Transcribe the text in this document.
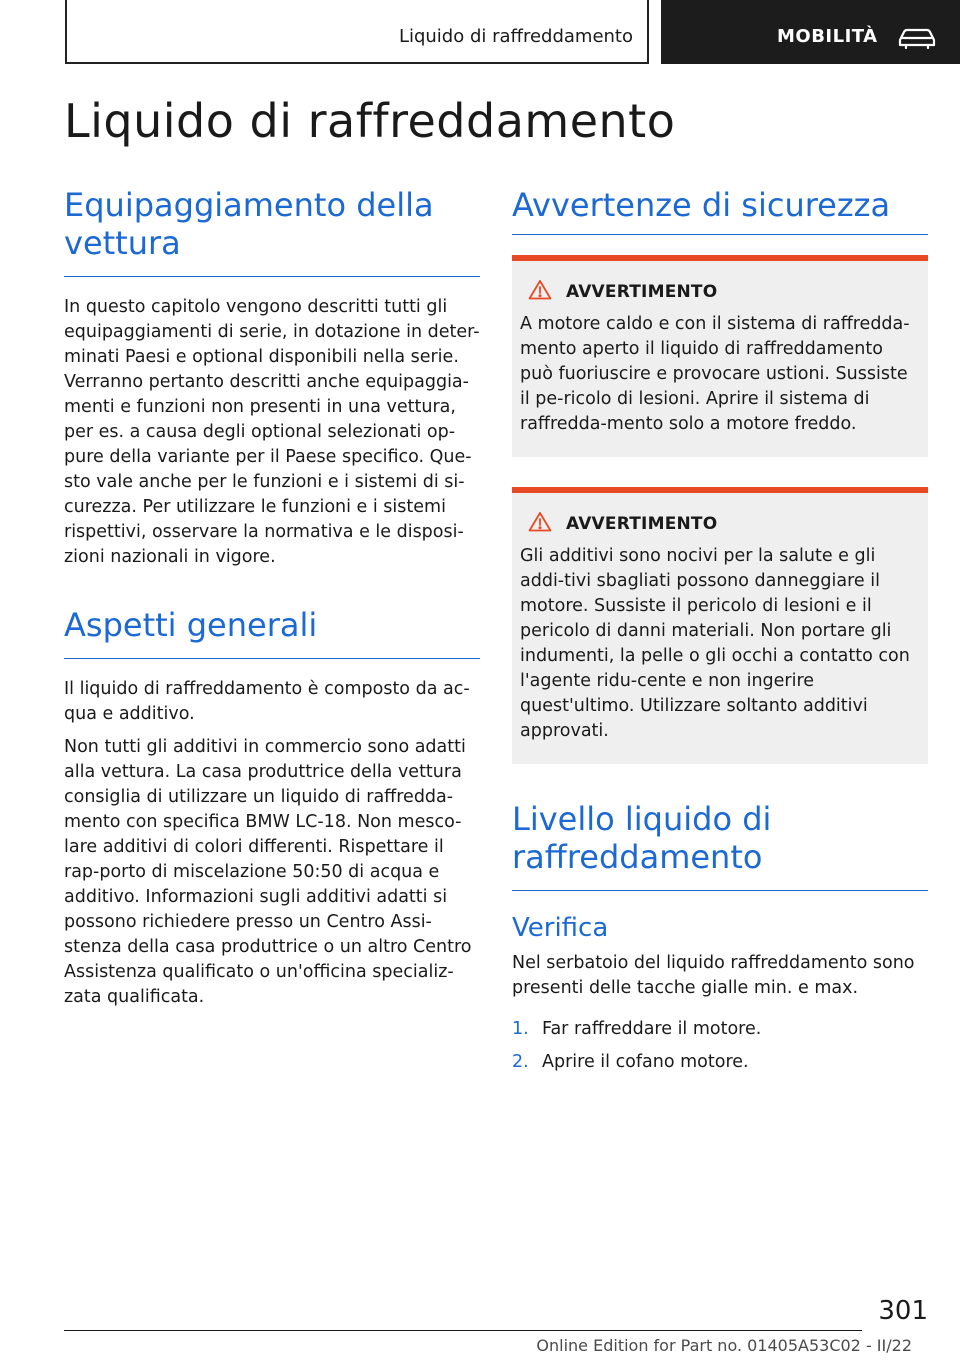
Liquido di raffreddamento	MOBILITÀ
Liquido di raffreddamento
Equipaggiamento della vettura

In questo capitolo vengono descritti tutti gli equipaggiamenti di serie, in dotazione in deter-minati Paesi e optional disponibili nella serie. Verranno pertanto descritti anche equipaggia-menti e funzioni non presenti in una vettura, per es. a causa degli optional selezionati op-pure della variante per il Paese specifico. Que-sto vale anche per le funzioni e i sistemi di si-curezza. Per utilizzare le funzioni e i sistemi rispettivi, osservare la normativa e le disposi-zioni nazionali in vigore.

Aspetti generali

Il liquido di raffreddamento è composto da ac-qua e additivo.

Non tutti gli additivi in commercio sono adatti alla vettura. La casa produttrice della vettura consiglia di utilizzare un liquido di raffredda-mento con specifica BMW LC-18. Non mesco-lare additivi di colori differenti. Rispettare il rap-porto di miscelazione 50:50 di acqua e additivo. Informazioni sugli additivi adatti si possono richiedere presso un Centro Assi-stenza della casa produttrice o un altro Centro Assistenza qualificato o un'officina specializ-zata qualificata.

Avvertenze di sicurezza
AVVERTIMENTO

A motore caldo e con il sistema di raffredda-mento aperto il liquido di raffreddamento può fuoriuscire e provocare ustioni. Sussiste il pe-ricolo di lesioni. Aprire il sistema di raffredda-mento solo a motore freddo.

AVVERTIMENTO

Gli additivi sono nocivi per la salute e gli addi-tivi sbagliati possono danneggiare il motore. Sussiste il pericolo di lesioni e il pericolo di danni materiali. Non portare gli indumenti, la pelle o gli occhi a contatto con l'agente ridu-cente e non ingerire quest'ultimo. Utilizzare soltanto additivi approvati.

Livello liquido di raffreddamento
Verifica

Nel serbatoio del liquido raffreddamento sono presenti delle tacche gialle min. e max.

1. Far raffreddare il motore.
2. Aprire il cofano motore.
301
Online Edition for Part no. 01405A53C02 - II/22
